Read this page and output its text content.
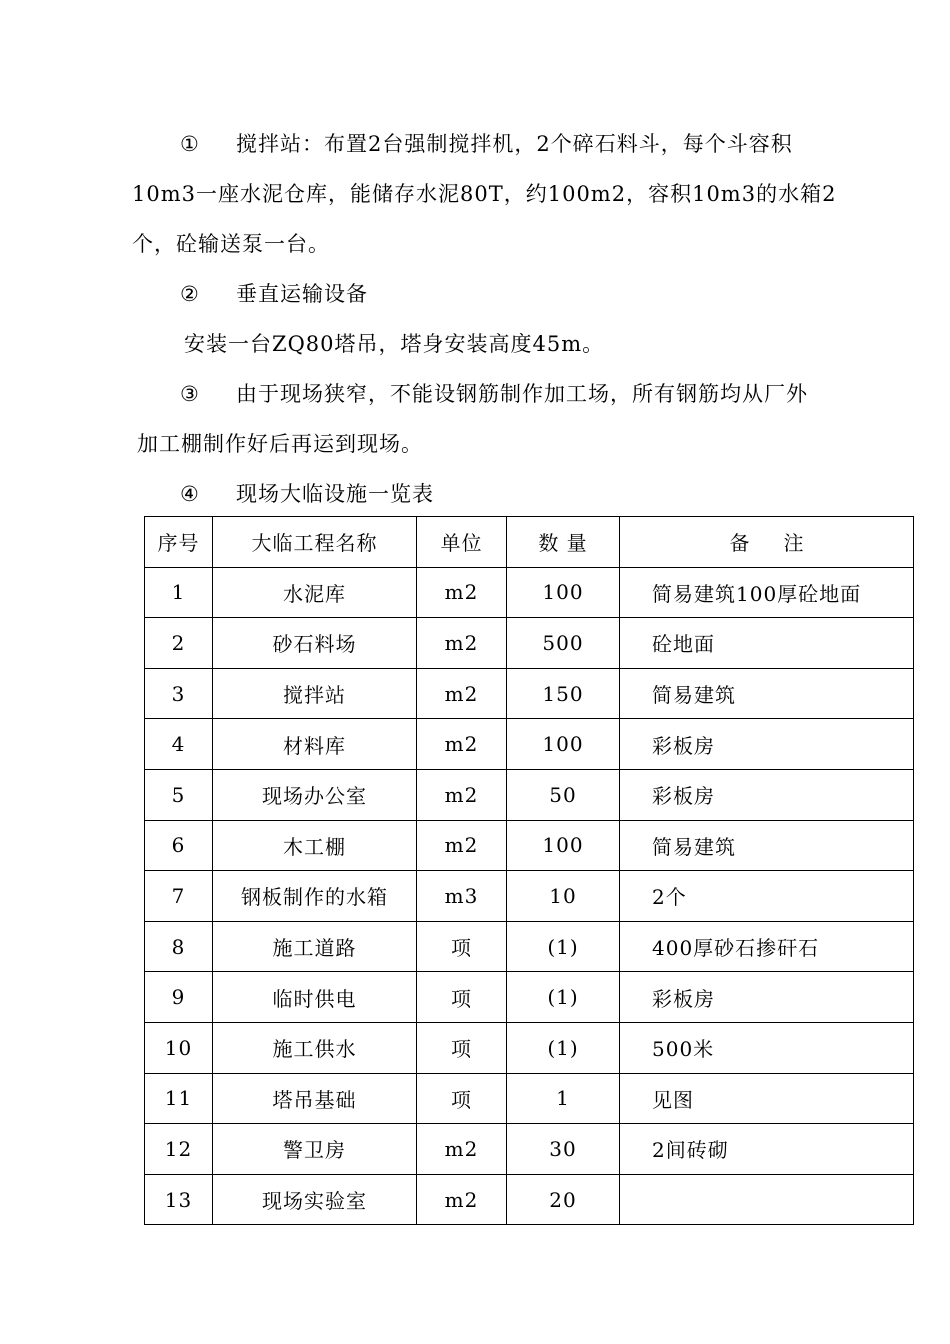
① 搅拌站：布置2台强制搅拌机，2个碎石料斗，每个斗容积
10m3一座水泥仓库，能储存水泥80T，约100m2，容积10m3的水箱2
个，砼输送泵一台。
② 垂直运输设备
安装一台ZQ80塔吊，塔身安装高度45m。
③ 由于现场狭窄，不能设钢筋制作加工场，所有钢筋均从厂外
加工棚制作好后再运到现场。
④ 现场大临设施一览表
序号	大临工程名称	单位	数 量	备注
1	水泥库	m2	100	简易建筑100厚砼地面
2	砂石料场	m2	500	砼地面
3	搅拌站	m2	150	简易建筑
4	材料库	m2	100	彩板房
5	现场办公室	m2	50	彩板房
6	木工棚	m2	100	简易建筑
7	钢板制作的水箱	m3	10	2个
8	施工道路	项	(1)	400厚砂石掺矸石
9	临时供电	项	(1)	彩板房
10	施工供水	项	(1)	500米
11	塔吊基础	项	1	见图
12	警卫房	m2	30	2间砖砌
13	现场实验室	m2	20	
